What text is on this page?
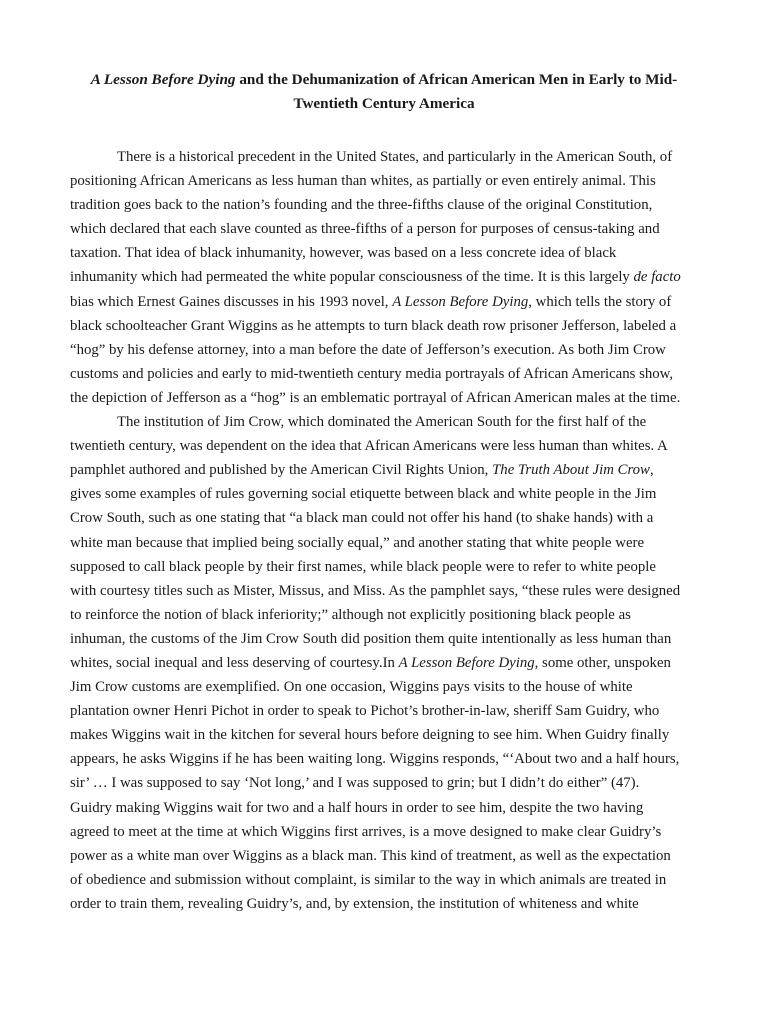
A Lesson Before Dying and the Dehumanization of African American Men in Early to Mid-
Twentieth Century America
There is a historical precedent in the United States, and particularly in the American South, of
positioning African Americans as less human than whites, as partially or even entirely animal. This
tradition goes back to the nation’s founding and the three-fifths clause of the original Constitution,
which declared that each slave counted as three-fifths of a person for purposes of census-taking and
taxation. That idea of black inhumanity, however, was based on a less concrete idea of black
inhumanity which had permeated the white popular consciousness of the time. It is this largely de facto
bias which Ernest Gaines discusses in his 1993 novel, A Lesson Before Dying, which tells the story of
black schoolteacher Grant Wiggins as he attempts to turn black death row prisoner Jefferson, labeled a
“hog” by his defense attorney, into a man before the date of Jefferson’s execution. As both Jim Crow
customs and policies and early to mid-twentieth century media portrayals of African Americans show,
the depiction of Jefferson as a “hog” is an emblematic portrayal of African American males at the time.
The institution of Jim Crow, which dominated the American South for the first half of the
twentieth century, was dependent on the idea that African Americans were less human than whites. A
pamphlet authored and published by the American Civil Rights Union, The Truth About Jim Crow,
gives some examples of rules governing social etiquette between black and white people in the Jim
Crow South, such as one stating that “a black man could not offer his hand (to shake hands) with a
white man because that implied being socially equal,” and another stating that white people were
supposed to call black people by their first names, while black people were to refer to white people
with courtesy titles such as Mister, Missus, and Miss. As the pamphlet says, “these rules were designed
to reinforce the notion of black inferiority;” although not explicitly positioning black people as
inhuman, the customs of the Jim Crow South did position them quite intentionally as less human than
whites, social inequal and less deserving of courtesy.In A Lesson Before Dying, some other, unspoken
Jim Crow customs are exemplified. On one occasion, Wiggins pays visits to the house of white
plantation owner Henri Pichot in order to speak to Pichot’s brother-in-law, sheriff Sam Guidry, who
makes Wiggins wait in the kitchen for several hours before deigning to see him. When Guidry finally
appears, he asks Wiggins if he has been waiting long. Wiggins responds, “‘About two and a half hours,
sir’ … I was supposed to say ‘Not long,’ and I was supposed to grin; but I didn’t do either” (47).
Guidry making Wiggins wait for two and a half hours in order to see him, despite the two having
agreed to meet at the time at which Wiggins first arrives, is a move designed to make clear Guidry’s
power as a white man over Wiggins as a black man. This kind of treatment, as well as the expectation
of obedience and submission without complaint, is similar to the way in which animals are treated in
order to train them, revealing Guidry’s, and, by extension, the institution of whiteness and white
